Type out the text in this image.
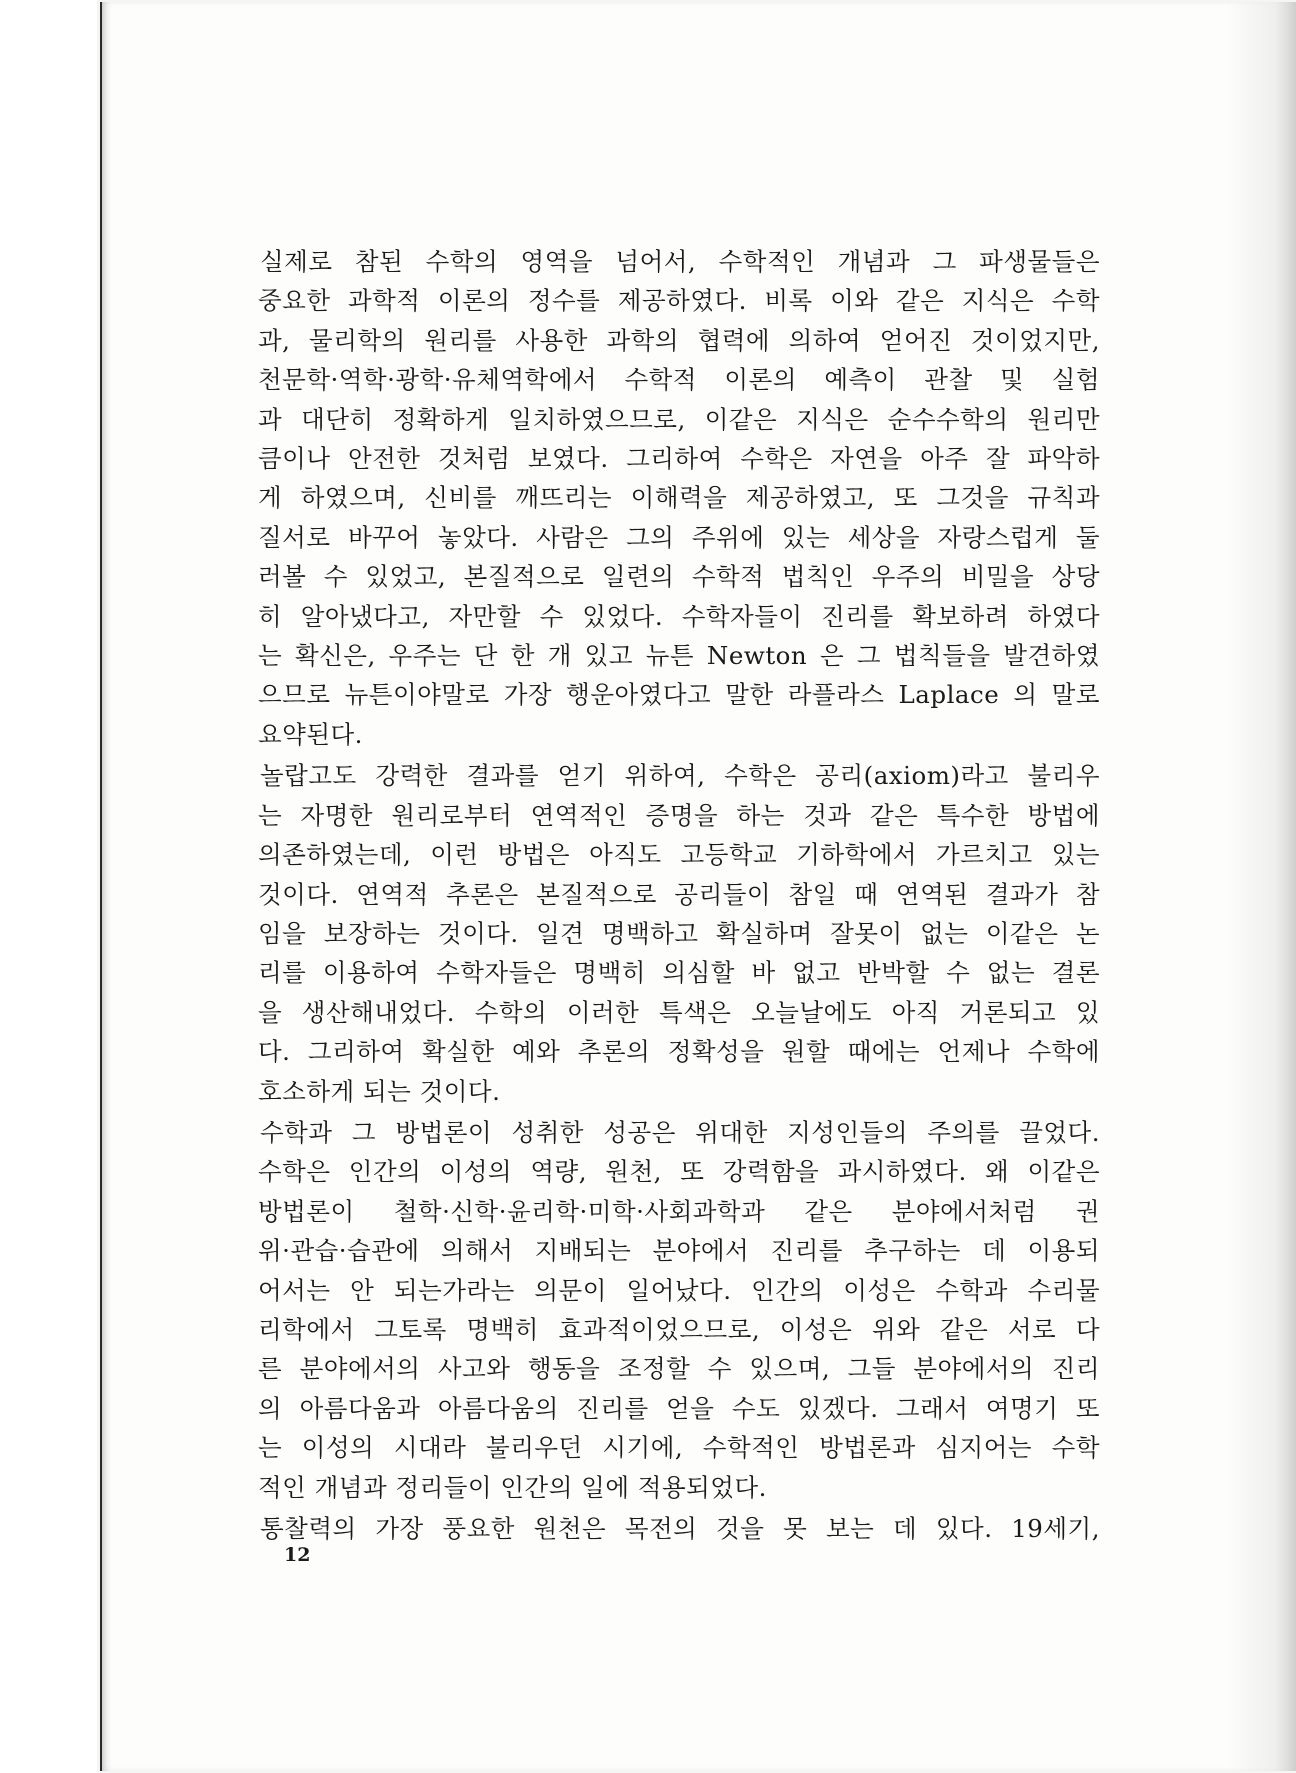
실제로 참된 수학의 영역을 넘어서, 수학적인 개념과 그 파생물들은
중요한 과학적 이론의 정수를 제공하였다. 비록 이와 같은 지식은 수학
과, 물리학의 원리를 사용한 과학의 협력에 의하여 얻어진 것이었지만,
천문학·역학·광학·유체역학에서 수학적 이론의 예측이 관찰 및 실험
과 대단히 정확하게 일치하였으므로, 이같은 지식은 순수수학의 원리만
큼이나 안전한 것처럼 보였다. 그리하여 수학은 자연을 아주 잘 파악하
게 하였으며, 신비를 깨뜨리는 이해력을 제공하였고, 또 그것을 규칙과
질서로 바꾸어 놓았다. 사람은 그의 주위에 있는 세상을 자랑스럽게 둘
러볼 수 있었고, 본질적으로 일련의 수학적 법칙인 우주의 비밀을 상당
히 알아냈다고, 자만할 수 있었다. 수학자들이 진리를 확보하려 하였다
는 확신은, 우주는 단 한 개 있고 뉴튼 Newton 은 그 법칙들을 발견하였
으므로 뉴튼이야말로 가장 행운아였다고 말한 라플라스 Laplace 의 말로
요약된다.

놀랍고도 강력한 결과를 얻기 위하여, 수학은 공리(axiom)라고 불리우
는 자명한 원리로부터 연역적인 증명을 하는 것과 같은 특수한 방법에
의존하였는데, 이런 방법은 아직도 고등학교 기하학에서 가르치고 있는
것이다. 연역적 추론은 본질적으로 공리들이 참일 때 연역된 결과가 참
임을 보장하는 것이다. 일견 명백하고 확실하며 잘못이 없는 이같은 논
리를 이용하여 수학자들은 명백히 의심할 바 없고 반박할 수 없는 결론
을 생산해내었다. 수학의 이러한 특색은 오늘날에도 아직 거론되고 있
다. 그리하여 확실한 예와 추론의 정확성을 원할 때에는 언제나 수학에
호소하게 되는 것이다.

수학과 그 방법론이 성취한 성공은 위대한 지성인들의 주의를 끌었다.
수학은 인간의 이성의 역량, 원천, 또 강력함을 과시하였다. 왜 이같은
방법론이 철학·신학·윤리학·미학·사회과학과 같은 분야에서처럼 권
위·관습·습관에 의해서 지배되는 분야에서 진리를 추구하는 데 이용되
어서는 안 되는가라는 의문이 일어났다. 인간의 이성은 수학과 수리물
리학에서 그토록 명백히 효과적이었으므로, 이성은 위와 같은 서로 다
른 분야에서의 사고와 행동을 조정할 수 있으며, 그들 분야에서의 진리
의 아름다움과 아름다움의 진리를 얻을 수도 있겠다. 그래서 여명기 또
는 이성의 시대라 불리우던 시기에, 수학적인 방법론과 심지어는 수학
적인 개념과 정리들이 인간의 일에 적용되었다.

통찰력의 가장 풍요한 원천은 목전의 것을 못 보는 데 있다. 19세기,

12
